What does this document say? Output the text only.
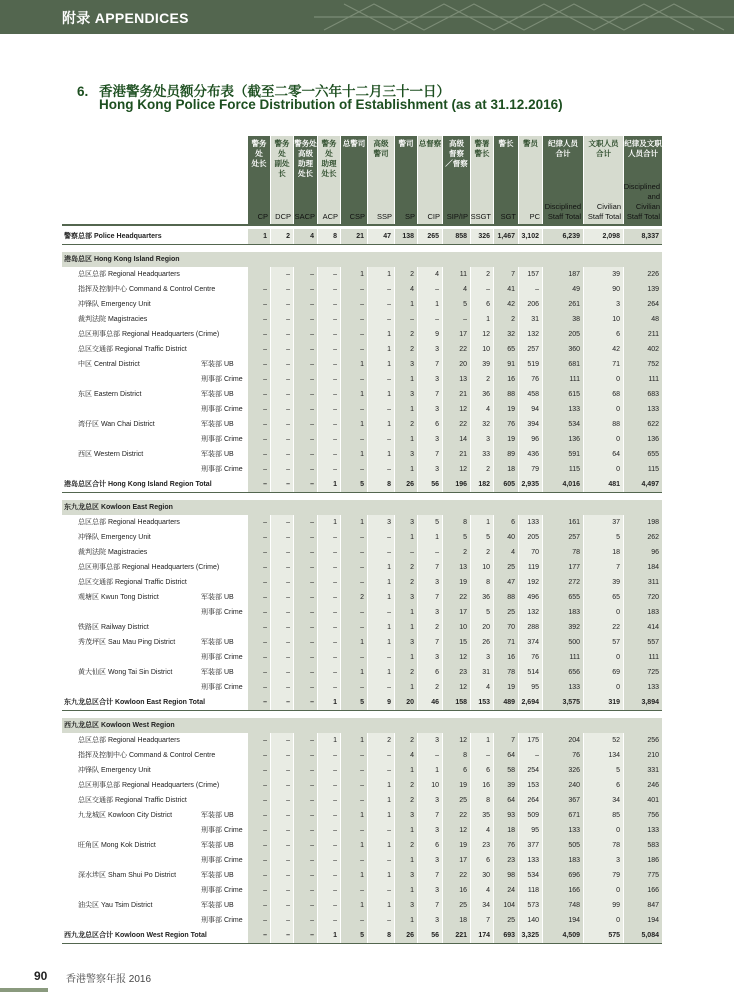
附录 APPENDICES
6. 香港警务处员额分布表（截至二零一六年十二月三十一日）
Hong Kong Police Force Distribution of Establishment (as at 31.12.2016)
警务处
处长
CP
警务处
副处长
DCP
警务处
高级
助理
处长
SACP
警务处
助理
处长
ACP
总警司
CSP
高级
警司
SSP
警司
SP
总督察
CIP
高级
督察
／督察
SIP/IP
警署
警长
SSGT
警长
SGT
警员
PC
纪律人员
合计
Disciplined
Staff Total
文职人员
合计
Civilian
Staff Total
纪律及文职
人员合计
Disciplined
and Civilian
Staff Total
警察总部 Police Headquarters	1	2	4	8	21	47	138	265	858	326	1,467 3,102	6,239	2,098	8,337
港岛总区 Hong Kong Island Region
总区总部 Regional Headquarters	–	–	–	1	1	2	4	11	2	7	157	187	39	226
指挥及控制中心 Command & Control Centre	–	–	–	–	–	–	4	–	4	–	41	–	49	90	139
冲锋队 Emergency Unit	–	–	–	–	–	–	1	1	5	6	42	206	261	3	264
裁判法院 Magistracies	–	–	–	–	–	–	–	–	–	1	2	31	38	10	48
总区刑事总部 Regional Headquarters (Crime)	–	–	–	–	–	1	2	9	17	12	32	132	205	6	211
总区交通部 Regional Traffic District	–	–	–	–	–	1	2	3	22	10	65	257	360	42	402
中区 Central District	军装部 UB	–	–	–	–	1	1	3	7	20	39	91	519	681	71	752
刑事部 Crime	–	–	–	–	–	–	1	3	13	2	16	76	111	0	111
东区 Eastern District	军装部 UB	–	–	–	–	1	1	3	7	21	36	88	458	615	68	683
刑事部 Crime	–	–	–	–	–	–	1	3	12	4	19	94	133	0	133
湾仔区 Wan Chai District	军装部 UB	–	–	–	–	1	1	2	6	22	32	76	394	534	88	622
刑事部 Crime	–	–	–	–	–	–	1	3	14	3	19	96	136	0	136
西区 Western District	军装部 UB	–	–	–	–	1	1	3	7	21	33	89	436	591	64	655
刑事部 Crime	–	–	–	–	–	–	1	3	12	2	18	79	115	0	115
港岛总区合计 Hong Kong Island Region Total	–	–	–	1	5	8	26	56	196	182	605 2,935	4,016	481	4,497
东九龙总区 Kowloon East Region
总区总部 Regional Headquarters	–	–	–	1	1	3	3	5	8	1	6	133	161	37	198
冲锋队 Emergency Unit	–	–	–	–	–	–	1	1	5	5	40	205	257	5	262
裁判法院 Magistracies	–	–	–	–	–	–	–	–	2	2	4	70	78	18	96
总区刑事总部 Regional Headquarters (Crime)	–	–	–	–	–	1	2	7	13	10	25	119	177	7	184
总区交通部 Regional Traffic District	–	–	–	–	–	1	2	3	19	8	47	192	272	39	311
观塘区 Kwun Tong District	军装部 UB	–	–	–	–	2	1	3	7	22	36	88	496	655	65	720
刑事部 Crime	–	–	–	–	–	–	1	3	17	5	25	132	183	0	183
铁路区 Railway District	–	–	–	–	–	1	1	2	10	20	70	288	392	22	414
秀茂坪区 Sau Mau Ping District	军装部 UB	–	–	–	–	1	1	3	7	15	26	71	374	500	57	557
刑事部 Crime	–	–	–	–	–	–	1	3	12	3	16	76	111	0	111
黄大仙区 Wong Tai Sin District	军装部 UB	–	–	–	–	1	1	2	6	23	31	78	514	656	69	725
刑事部 Crime	–	–	–	–	–	–	1	2	12	4	19	95	133	0	133
东九龙总区合计 Kowloon East Region Total	–	–	–	1	5	9	20	46	158	153	489 2,694	3,575	319	3,894
西九龙总区 Kowloon West Region
总区总部 Regional Headquarters	–	–	–	1	1	2	2	3	12	1	7	175	204	52	256
指挥及控制中心 Command & Control Centre	–	–	–	–	–	–	4	–	8	–	64	–	76	134	210
冲锋队 Emergency Unit	–	–	–	–	–	–	1	1	6	6	58	254	326	5	331
总区刑事总部 Regional Headquarters (Crime)	–	–	–	–	–	1	2	10	19	16	39	153	240	6	246
总区交通部 Regional Traffic District	–	–	–	–	–	1	2	3	25	8	64	264	367	34	401
九龙城区 Kowloon City District	军装部 UB	–	–	–	–	1	1	3	7	22	35	93	509	671	85	756
刑事部 Crime	–	–	–	–	–	–	1	3	12	4	18	95	133	0	133
旺角区 Mong Kok District	军装部 UB	–	–	–	–	1	1	2	6	19	23	76	377	505	78	583
刑事部 Crime	–	–	–	–	–	–	1	3	17	6	23	133	183	3	186
深水埗区 Sham Shui Po District	军装部 UB	–	–	–	–	1	1	3	7	22	30	98	534	696	79	775
刑事部 Crime	–	–	–	–	–	–	1	3	16	4	24	118	166	0	166
油尖区 Yau Tsim District	军装部 UB	–	–	–	–	1	1	3	7	25	34	104	573	748	99	847
刑事部 Crime	–	–	–	–	–	–	1	3	18	7	25	140	194	0	194
西九龙总区合计 Kowloon West Region Total	–	–	–	1	5	8	26	56	221	174	693 3,325	4,509	575	5,084
90 香港警察年报 2016
